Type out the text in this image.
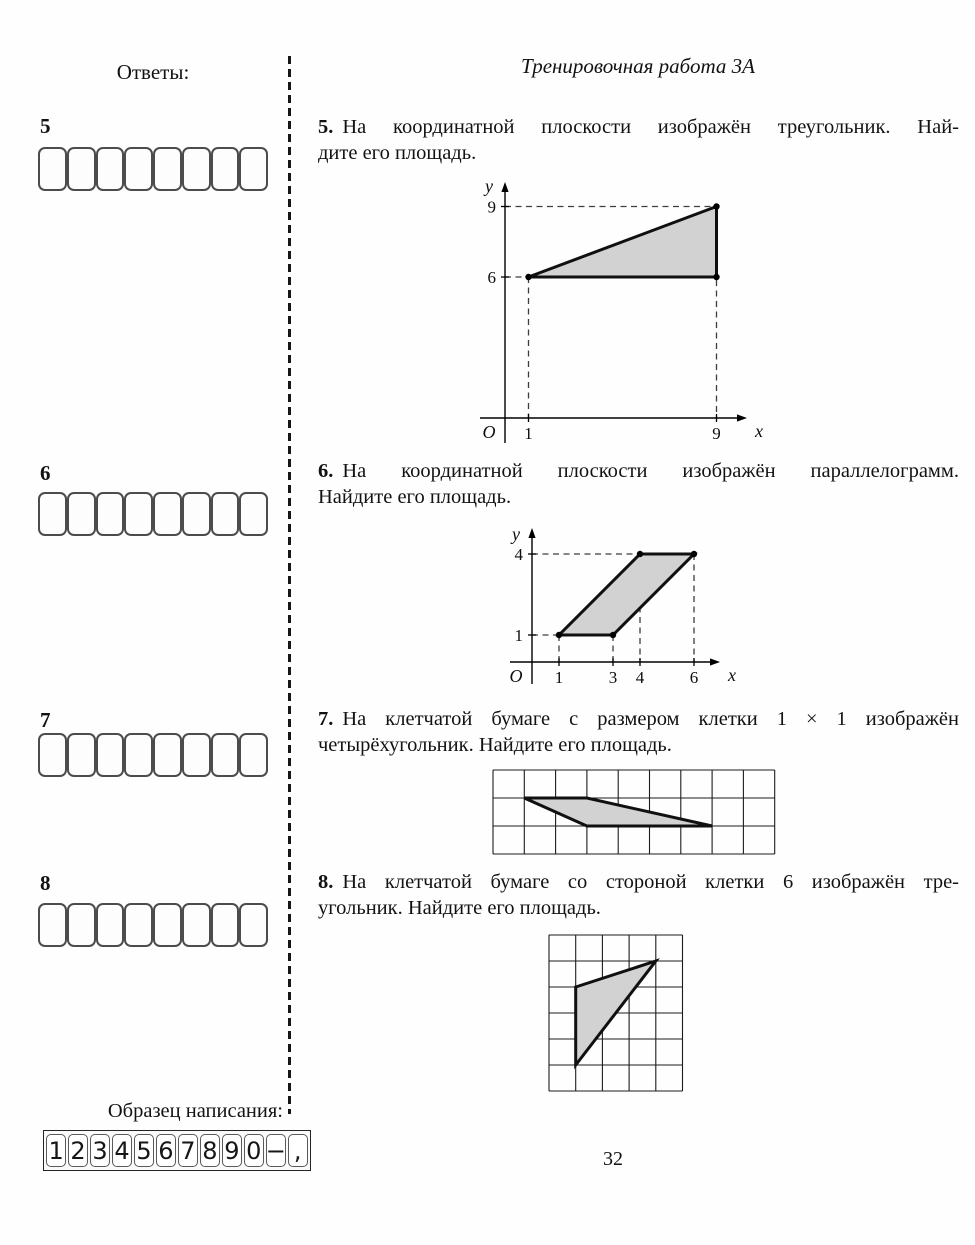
Ответы:
5
6
7
8
Тренировочная работа 3А
5. На координатной плоскости изображён треугольник. Най-
дите его площадь.
1	9
6
9
x
y
O
6. На координатной плоскости изображён параллелограмм.
Найдите его площадь.
1	3 4	6
1
4
x
y
O
7. На клетчатой бумаге с размером клетки 1 × 1 изображён
четырёхугольник. Найдите его площадь.
8. На клетчатой бумаге со стороной клетки 6 изображён тре-
угольник. Найдите его площадь.
Образец написания:
1 2 3 4 5 6 7 8 9 0 − ,	32
